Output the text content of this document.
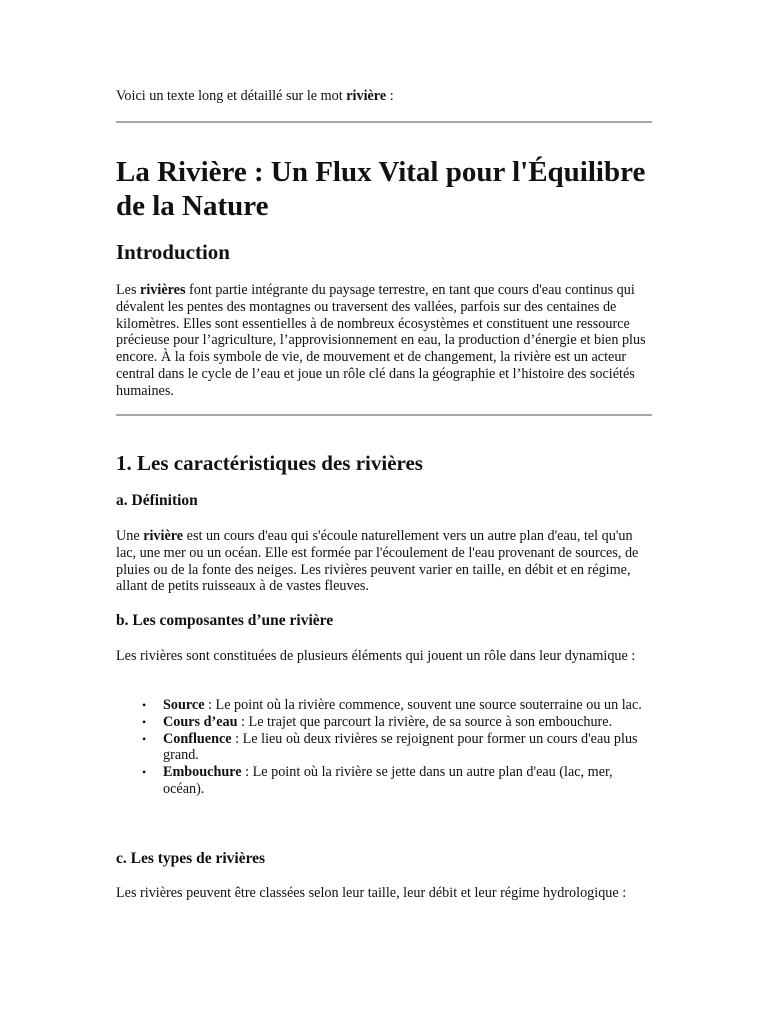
Voici un texte long et détaillé sur le mot rivière :

La Rivière : Un Flux Vital pour l'Équilibre de la Nature
Introduction

Les rivières font partie intégrante du paysage terrestre, en tant que cours d'eau continus qui dévalent les pentes des montagnes ou traversent des vallées, parfois sur des centaines de kilomètres. Elles sont essentielles à de nombreux écosystèmes et constituent une ressource précieuse pour l’agriculture, l’approvisionnement en eau, la production d’énergie et bien plus encore. À la fois symbole de vie, de mouvement et de changement, la rivière est un acteur central dans le cycle de l’eau et joue un rôle clé dans la géographie et l’histoire des sociétés humaines.

1. Les caractéristiques des rivières
a. Définition

Une rivière est un cours d'eau qui s'écoule naturellement vers un autre plan d'eau, tel qu'un lac, une mer ou un océan. Elle est formée par l'écoulement de l'eau provenant de sources, de pluies ou de la fonte des neiges. Les rivières peuvent varier en taille, en débit et en régime, allant de petits ruisseaux à de vastes fleuves.

b. Les composantes d’une rivière

Les rivières sont constituées de plusieurs éléments qui jouent un rôle dans leur dynamique :

• Source : Le point où la rivière commence, souvent une source souterraine ou un lac.
• Cours d’eau : Le trajet que parcourt la rivière, de sa source à son embouchure.
• Confluence : Le lieu où deux rivières se rejoignent pour former un cours d'eau plus grand.
• Embouchure : Le point où la rivière se jette dans un autre plan d'eau (lac, mer, océan).
c. Les types de rivières

Les rivières peuvent être classées selon leur taille, leur débit et leur régime hydrologique :
